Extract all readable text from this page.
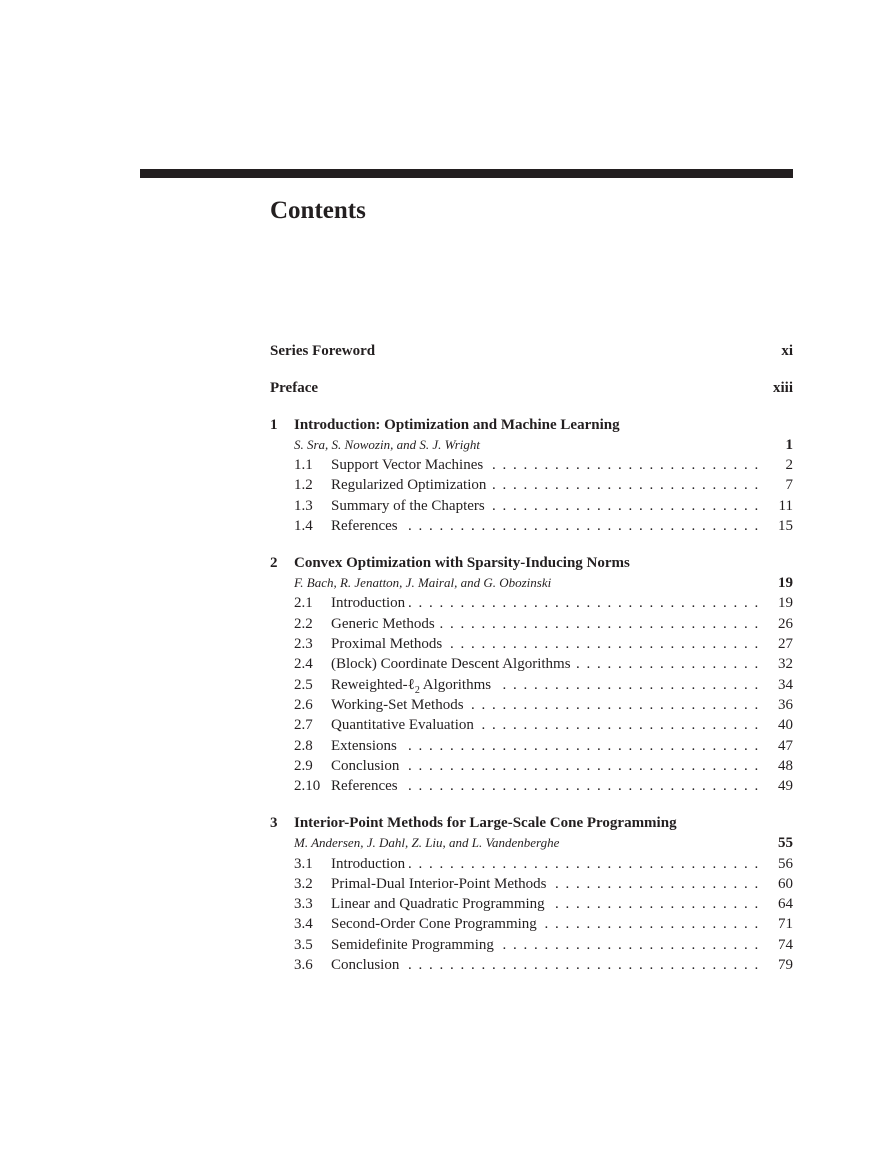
Contents
Series Foreword	xi
Preface	xiii
1 Introduction: Optimization and Machine Learning
S. Sra, S. Nowozin, and S. J. Wright	1
1.1	Support Vector Machines . . .	2
1.2	Regularized Optimization . . .	7
1.3	Summary of the Chapters . . .	11
1.4	References . . .	15
2 Convex Optimization with Sparsity-Inducing Norms
F. Bach, R. Jenatton, J. Mairal, and G. Obozinski	19
2.1	Introduction . . .	19
2.2	Generic Methods . . .	26
2.3	Proximal Methods . . .	27
2.4	(Block) Coordinate Descent Algorithms . . .	32
2.5	Reweighted-ℓ$_2$ Algorithms . . .	34
2.6	Working-Set Methods . . .	36
2.7	Quantitative Evaluation . . .	40
2.8	Extensions . . .	47
2.9	Conclusion . . .	48
2.10 References . . .	49
3 Interior-Point Methods for Large-Scale Cone Programming
M. Andersen, J. Dahl, Z. Liu, and L. Vandenberghe	55
3.1	Introduction . . .	56
3.2	Primal-Dual Interior-Point Methods . . .	60
3.3	Linear and Quadratic Programming . . .	64
3.4	Second-Order Cone Programming . . .	71
3.5	Semidefinite Programming . . .	74
3.6	Conclusion . . .	79
